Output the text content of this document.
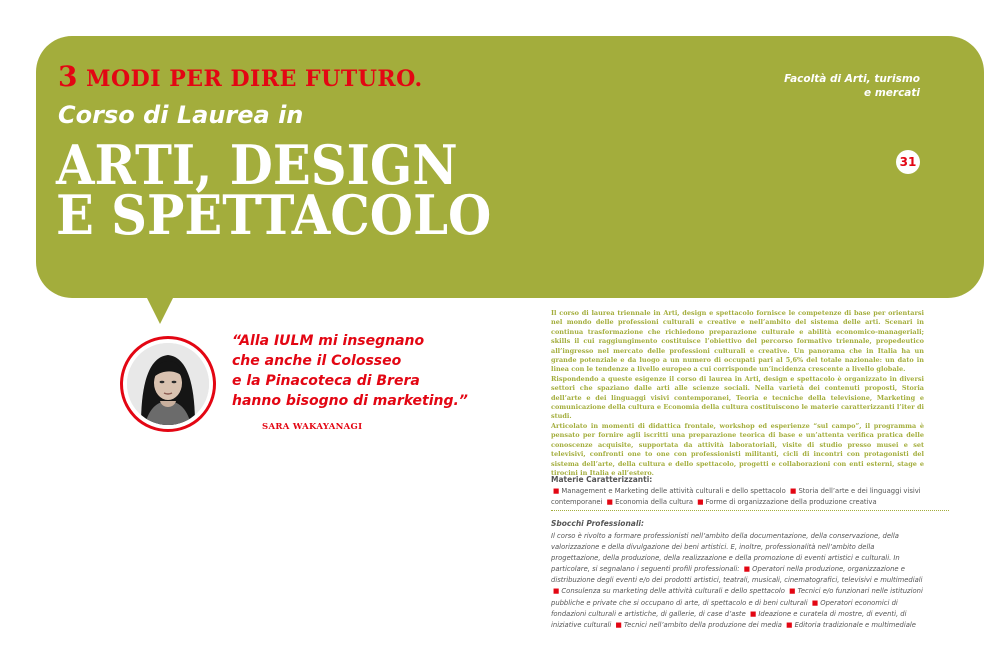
3 MODI PER DIRE FUTURO.
Corso di Laurea in
ARTI, DESIGN
E SPETTACOLO
Facoltà di Arti, turismo
e mercati
31
“Alla IULM mi insegnano
che anche il Colosseo
e la Pinacoteca di Brera
hanno bisogno di marketing.”
SARA WAKAYANAGI

Il corso di laurea triennale in Arti, design e spettacolo fornisce le competenze di base per orientarsi nel mondo delle professioni culturali e creative e nell’ambito del sistema delle arti. Scenari in continua trasformazione che richiedono preparazione culturale e abilità economico-manageriali; skills il cui raggiungimento costituisce l’obiettivo del percorso formativo triennale, propedeutico all’ingresso nel mercato delle professioni culturali e creative. Un panorama che in Italia ha un grande potenziale e da luogo a un numero di occupati pari al 5,6% del totale nazionale: un dato in linea con le tendenze a livello europeo a cui corrisponde un’incidenza crescente a livello globale.

Rispondendo a queste esigenze il corso di laurea in Arti, design e spettacolo è organizzato in diversi settori che spaziano dalle arti alle scienze sociali. Nella varietà dei contenuti proposti, Storia dell’arte e dei linguaggi visivi contemporanei, Teoria e tecniche della televisione, Marketing e comunicazione della cultura e Economia della cultura costituiscono le materie caratterizzanti l’iter di studi.

Articolato in momenti di didattica frontale, workshop ed esperienze “sul campo”, il programma è pensato per fornire agli iscritti una preparazione teorica di base e un’attenta verifica pratica delle conoscenze acquisite, supportata da attività laboratoriali, visite di studio presso musei e set televisivi, confronti one to one con professionisti militanti, cicli di incontri con protagonisti del sistema dell’arte, della cultura e dello spettacolo, progetti e collaborazioni con enti esterni, stage e tirocini in Italia e all’estero.

Materie Caratterizzanti:
■ Management e Marketing delle attività culturali e dello spettacolo ■ Storia dell’arte e dei linguaggi visivi contemporanei ■ Economia della cultura ■ Forme di organizzazione della produzione creativa
Sbocchi Professionali:
Il corso è rivolto a formare professionisti nell’ambito della documentazione, della conservazione, della valorizzazione e della divulgazione dei beni artistici. E, inoltre, professionalità nell’ambito della progettazione, della produzione, della realizzazione e della promozione di eventi artistici e culturali. In particolare, si segnalano i seguenti profili professionali: ■ Operatori nella produzione, organizzazione e distribuzione degli eventi e/o dei prodotti artistici, teatrali, musicali, cinematografici, televisivi e multimediali ■ Consulenza su marketing delle attività culturali e dello spettacolo ■ Tecnici e/o funzionari nelle istituzioni pubbliche e private che si occupano di arte, di spettacolo e di beni culturali ■ Operatori economici di fondazioni culturali e artistiche, di gallerie, di case d’aste ■ Ideazione e curatela di mostre, di eventi, di iniziative culturali ■ Tecnici nell’ambito della produzione dei media ■ Editoria tradizionale e multimediale
